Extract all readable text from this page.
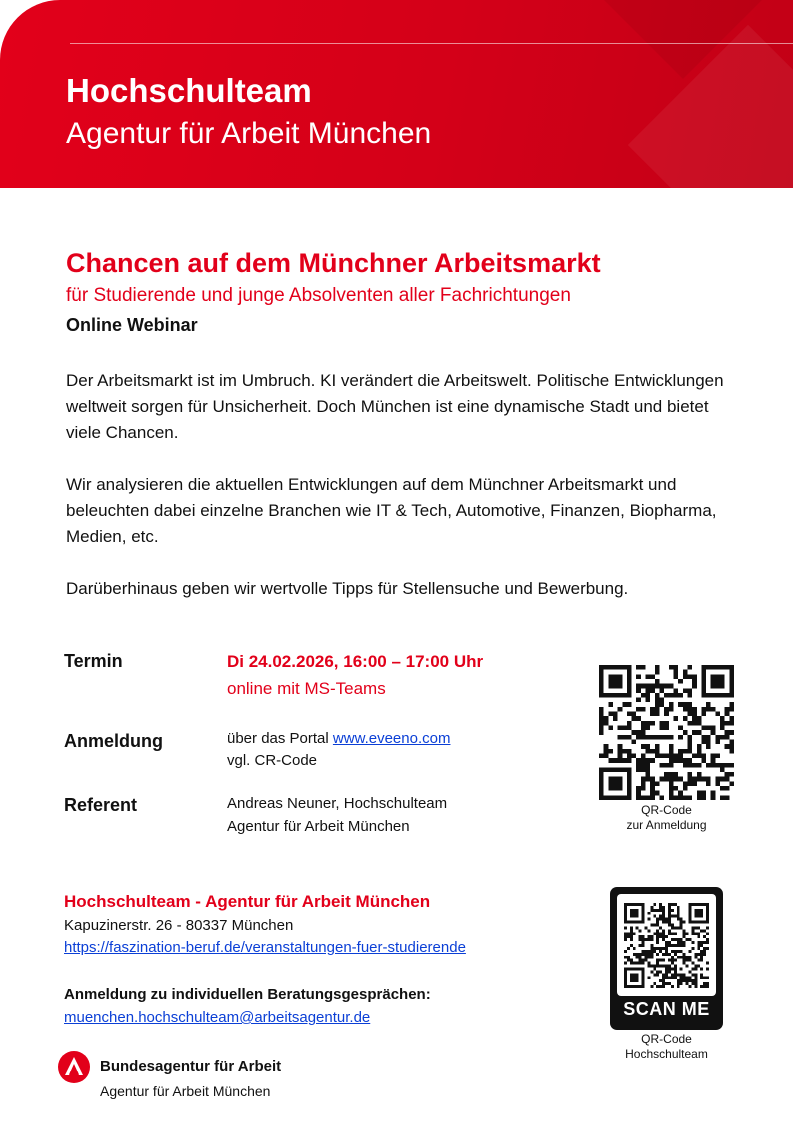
Hochschulteam
Agentur für Arbeit München
Chancen auf dem Münchner Arbeitsmarkt
für Studierende und junge Absolventen aller Fachrichtungen
Online Webinar
Der Arbeitsmarkt ist im Umbruch. KI verändert die Arbeitswelt. Politische Entwicklungen weltweit sorgen für Unsicherheit. Doch München ist eine dynamische Stadt und bietet viele Chancen.
Wir analysieren die aktuellen Entwicklungen auf dem Münchner Arbeitsmarkt und beleuchten dabei einzelne Branchen wie IT & Tech, Automotive, Finanzen, Biopharma, Medien, etc.
Darüberhinaus geben wir wertvolle Tipps für Stellensuche und Bewerbung.
Termin	Di 24.02.2026, 16:00 – 17:00 Uhr
online mit MS-Teams
Anmeldung	über das Portal www.eveeno.com
vgl. CR-Code
Referent	Andreas Neuner, Hochschulteam
Agentur für Arbeit München
QR-Code
zur Anmeldung
Hochschulteam - Agentur für Arbeit München
Kapuzinerstr. 26 - 80337 München
https://faszination-beruf.de/veranstaltungen-fuer-studierende
Anmeldung zu individuellen Beratungsgesprächen:
muenchen.hochschulteam@arbeitsagentur.de	SCAN ME
QR-Code
Hochschulteam
Bundesagentur für Arbeit
Agentur für Arbeit München
